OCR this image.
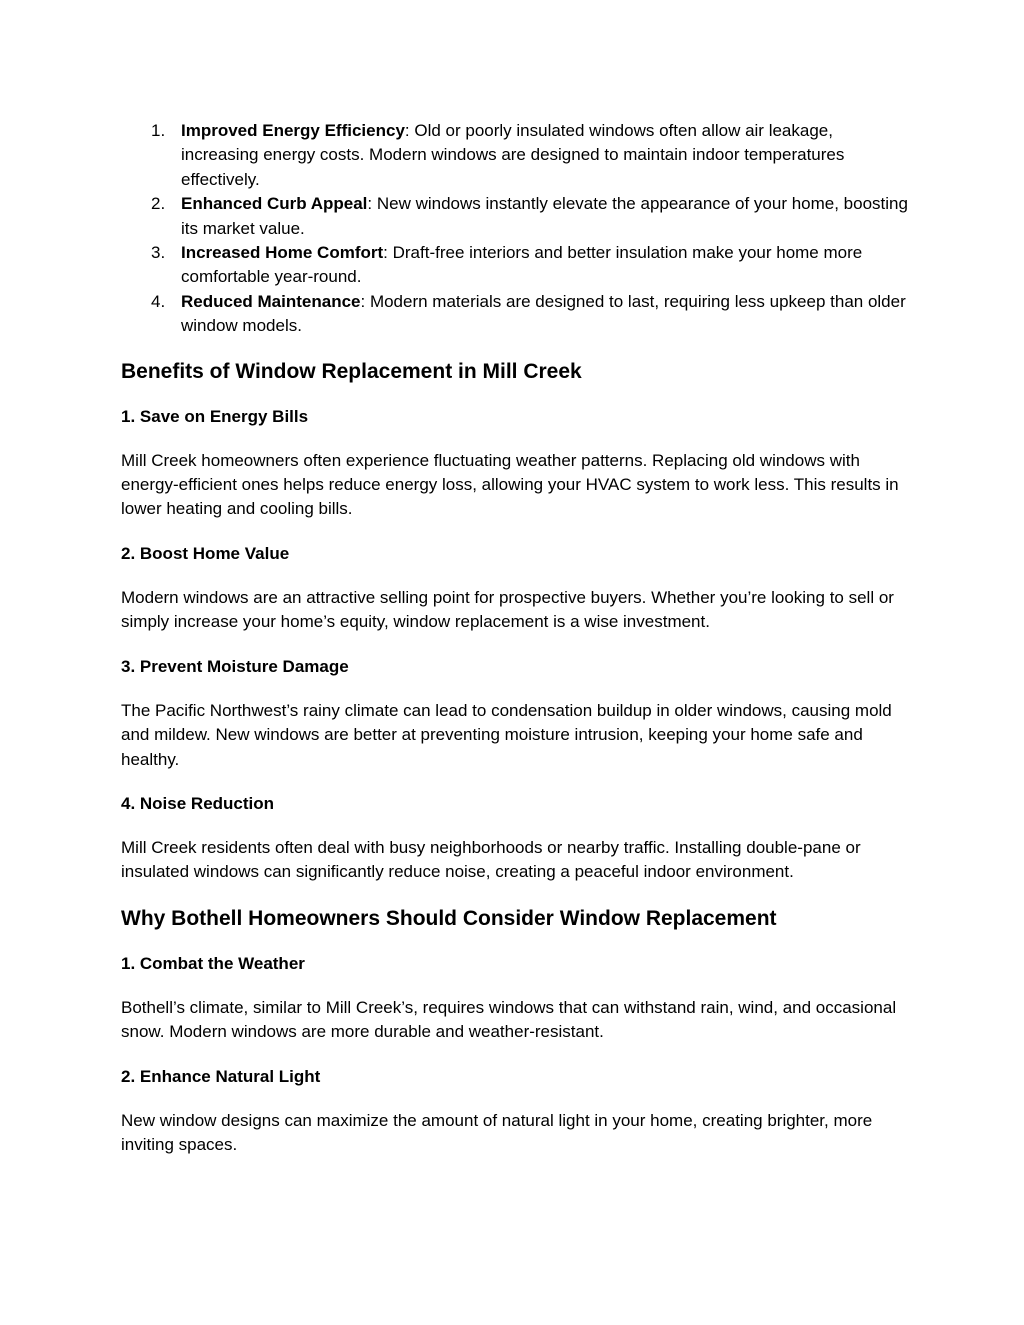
1. Improved Energy Efficiency: Old or poorly insulated windows often allow air leakage, increasing energy costs. Modern windows are designed to maintain indoor temperatures effectively.
2. Enhanced Curb Appeal: New windows instantly elevate the appearance of your home, boosting its market value.
3. Increased Home Comfort: Draft-free interiors and better insulation make your home more comfortable year-round.
4. Reduced Maintenance: Modern materials are designed to last, requiring less upkeep than older window models.
Benefits of Window Replacement in Mill Creek
1. Save on Energy Bills

Mill Creek homeowners often experience fluctuating weather patterns. Replacing old windows with energy-efficient ones helps reduce energy loss, allowing your HVAC system to work less. This results in lower heating and cooling bills.

2. Boost Home Value

Modern windows are an attractive selling point for prospective buyers. Whether you’re looking to sell or simply increase your home’s equity, window replacement is a wise investment.

3. Prevent Moisture Damage

The Pacific Northwest’s rainy climate can lead to condensation buildup in older windows, causing mold and mildew. New windows are better at preventing moisture intrusion, keeping your home safe and healthy.

4. Noise Reduction

Mill Creek residents often deal with busy neighborhoods or nearby traffic. Installing double-pane or insulated windows can significantly reduce noise, creating a peaceful indoor environment.

Why Bothell Homeowners Should Consider Window Replacement
1. Combat the Weather

Bothell’s climate, similar to Mill Creek’s, requires windows that can withstand rain, wind, and occasional snow. Modern windows are more durable and weather-resistant.

2. Enhance Natural Light

New window designs can maximize the amount of natural light in your home, creating brighter, more inviting spaces.
